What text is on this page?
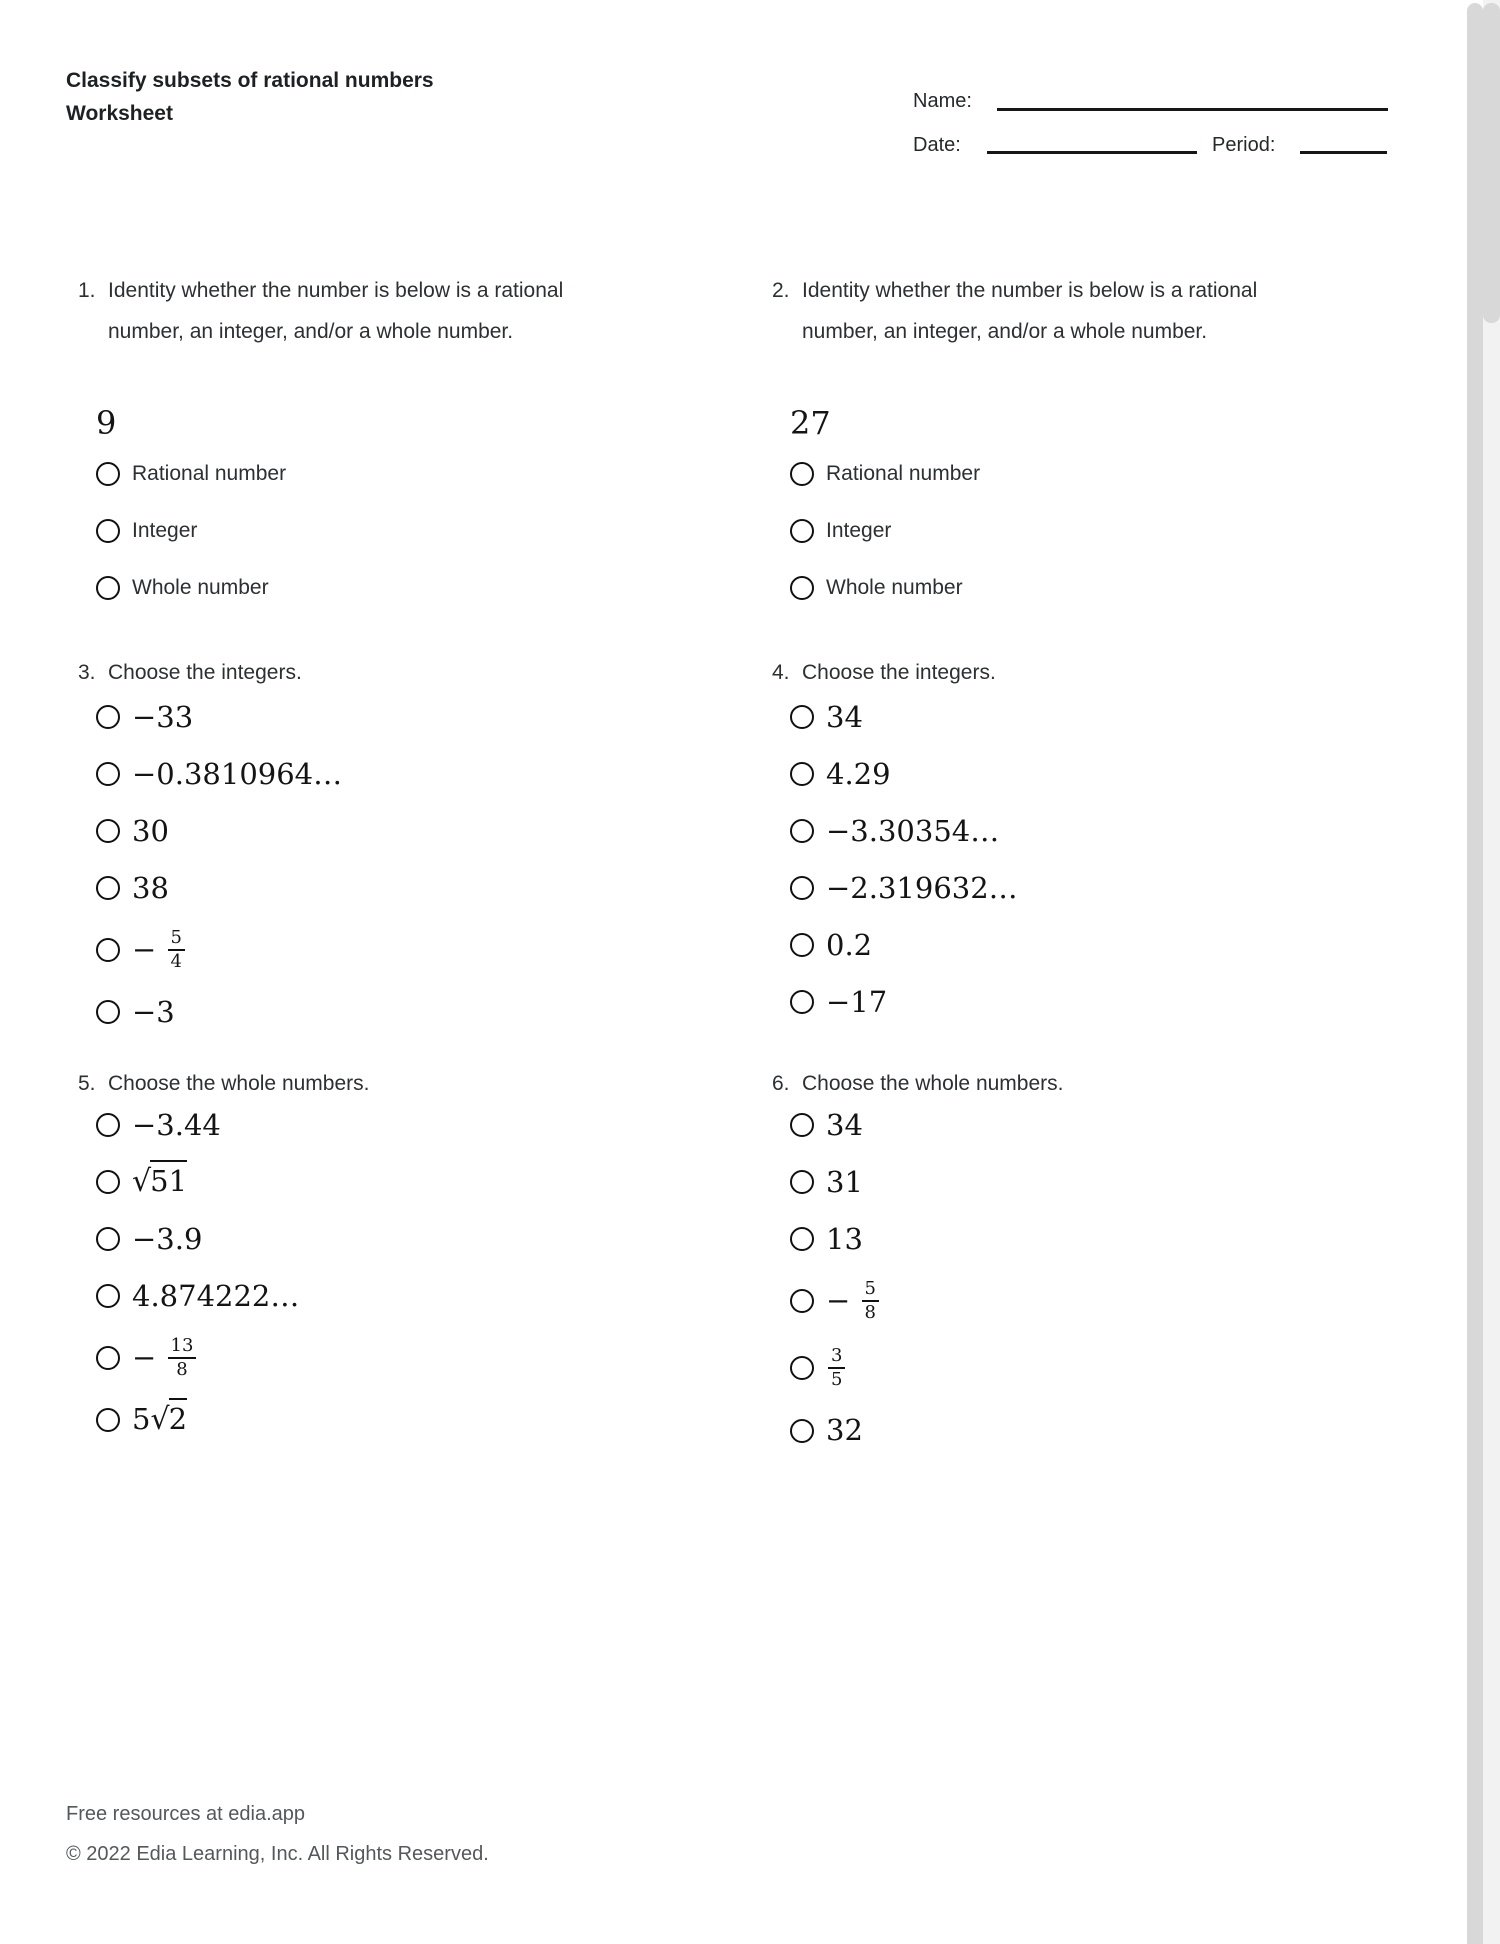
Classify subsets of rational numbers
Worksheet
Name:
Date:	Period:
1. Identity whether the number is below is a rational number, an integer, and/or a whole number.
9
Rational number
Integer
Whole number
3. Choose the integers.
−33
−0.3810964…
30
38
− $\frac{5}{4}$
−3
5. Choose the whole numbers.
−3.44
√51
−3.9
4.874222…
− $\frac{13}{8}$
5√2
2. Identity whether the number is below is a rational number, an integer, and/or a whole number.
27
Rational number
Integer
Whole number
4. Choose the integers.
34
4.29
−3.30354…
−2.319632…
0.2
−17
6. Choose the whole numbers.
34
31
13
− $\frac{5}{8}$
$\frac{3}{5}$
32
Free resources at edia.app
© 2022 Edia Learning, Inc. All Rights Reserved.
